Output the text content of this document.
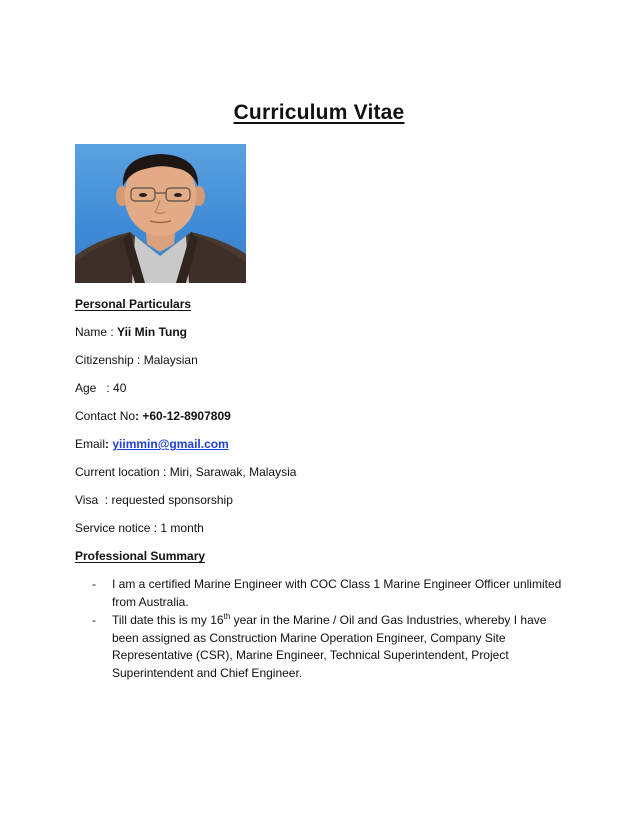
Curriculum Vitae
Personal Particulars
Name : Yii Min Tung
Citizenship : Malaysian
Age   : 40
Contact No: +60-12-8907809
Email: yiimmin@gmail.com
Current location : Miri, Sarawak, Malaysia
Visa  : requested sponsorship
Service notice : 1 month
Professional Summary
-	I am a certified Marine Engineer with COC Class 1 Marine Engineer Officer unlimited from Australia.
-	Till date this is my 16th year in the Marine / Oil and Gas Industries, whereby I have been assigned as Construction Marine Operation Engineer, Company Site Representative (CSR), Marine Engineer, Technical Superintendent, Project Superintendent and Chief Engineer.
